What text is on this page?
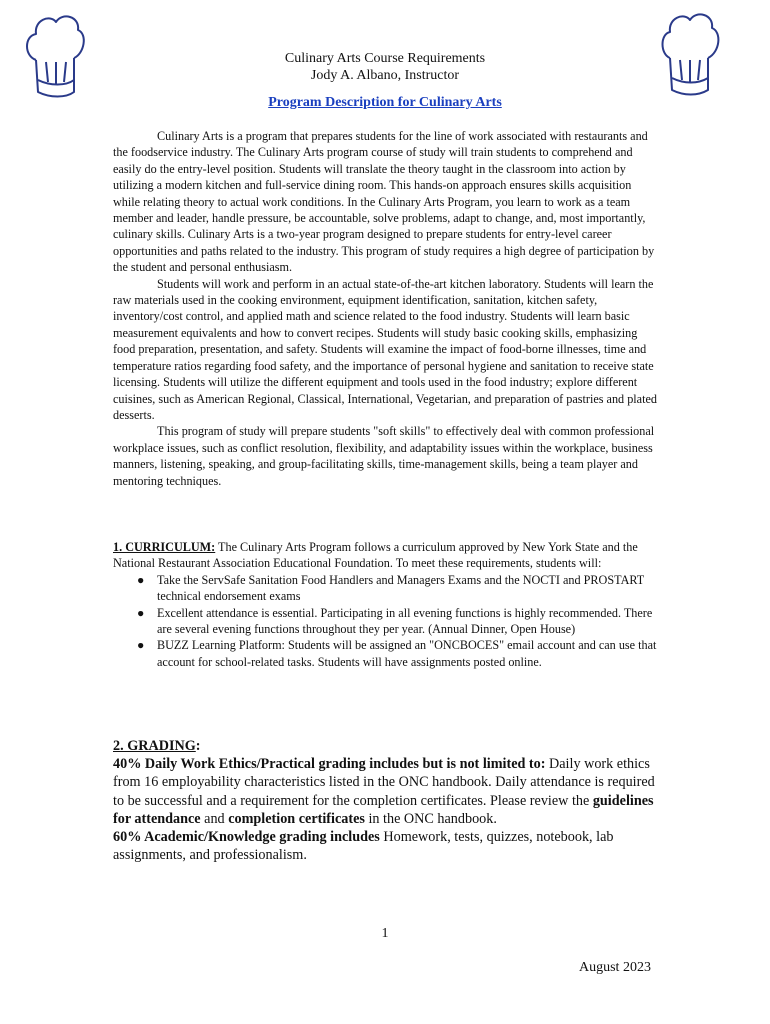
Culinary Arts Course Requirements
Jody A. Albano, Instructor
Program Description for Culinary Arts

Culinary Arts is a program that prepares students for the line of work associated with restaurants and the foodservice industry. The Culinary Arts program course of study will train students to comprehend and easily do the entry-level position. Students will translate the theory taught in the classroom into action by utilizing a modern kitchen and full-service dining room. This hands-on approach ensures skills acquisition while relating theory to actual work conditions. In the Culinary Arts Program, you learn to work as a team member and leader, handle pressure, be accountable, solve problems, adapt to change, and, most importantly, culinary skills. Culinary Arts is a two-year program designed to prepare students for entry-level career opportunities and paths related to the industry. This program of study requires a high degree of participation by the student and personal enthusiasm.

Students will work and perform in an actual state-of-the-art kitchen laboratory. Students will learn the raw materials used in the cooking environment, equipment identification, sanitation, kitchen safety, inventory/cost control, and applied math and science related to the food industry. Students will learn basic measurement equivalents and how to convert recipes. Students will study basic cooking skills, emphasizing food preparation, presentation, and safety. Students will examine the impact of food-borne illnesses, time and temperature ratios regarding food safety, and the importance of personal hygiene and sanitation to receive state licensing. Students will utilize the different equipment and tools used in the food industry; explore different cuisines, such as American Regional, Classical, International, Vegetarian, and preparation of pastries and plated desserts.

This program of study will prepare students "soft skills" to effectively deal with common professional workplace issues, such as conflict resolution, flexibility, and adaptability issues within the workplace, business manners, listening, speaking, and group-facilitating skills, time-management skills, being a team player and mentoring techniques.

1. CURRICULUM: The Culinary Arts Program follows a curriculum approved by New York State and the National Restaurant Association Educational Foundation. To meet these requirements, students will:

● Take the ServSafe Sanitation Food Handlers and Managers Exams and the NOCTI and PROSTART technical endorsement exams
● Excellent attendance is essential. Participating in all evening functions is highly recommended. There are several evening functions throughout they per year. (Annual Dinner, Open House)
● BUZZ Learning Platform: Students will be assigned an "ONCBOCES" email account and can use that account for school-related tasks. Students will have assignments posted online.
2. GRADING:

40% Daily Work Ethics/Practical grading includes but is not limited to: Daily work ethics from 16 employability characteristics listed in the ONC handbook. Daily attendance is required to be successful and a requirement for the completion certificates. Please review the guidelines for attendance and completion certificates in the ONC handbook.

60% Academic/Knowledge grading includes Homework, tests, quizzes, notebook, lab assignments, and professionalism.

1
August 2023
